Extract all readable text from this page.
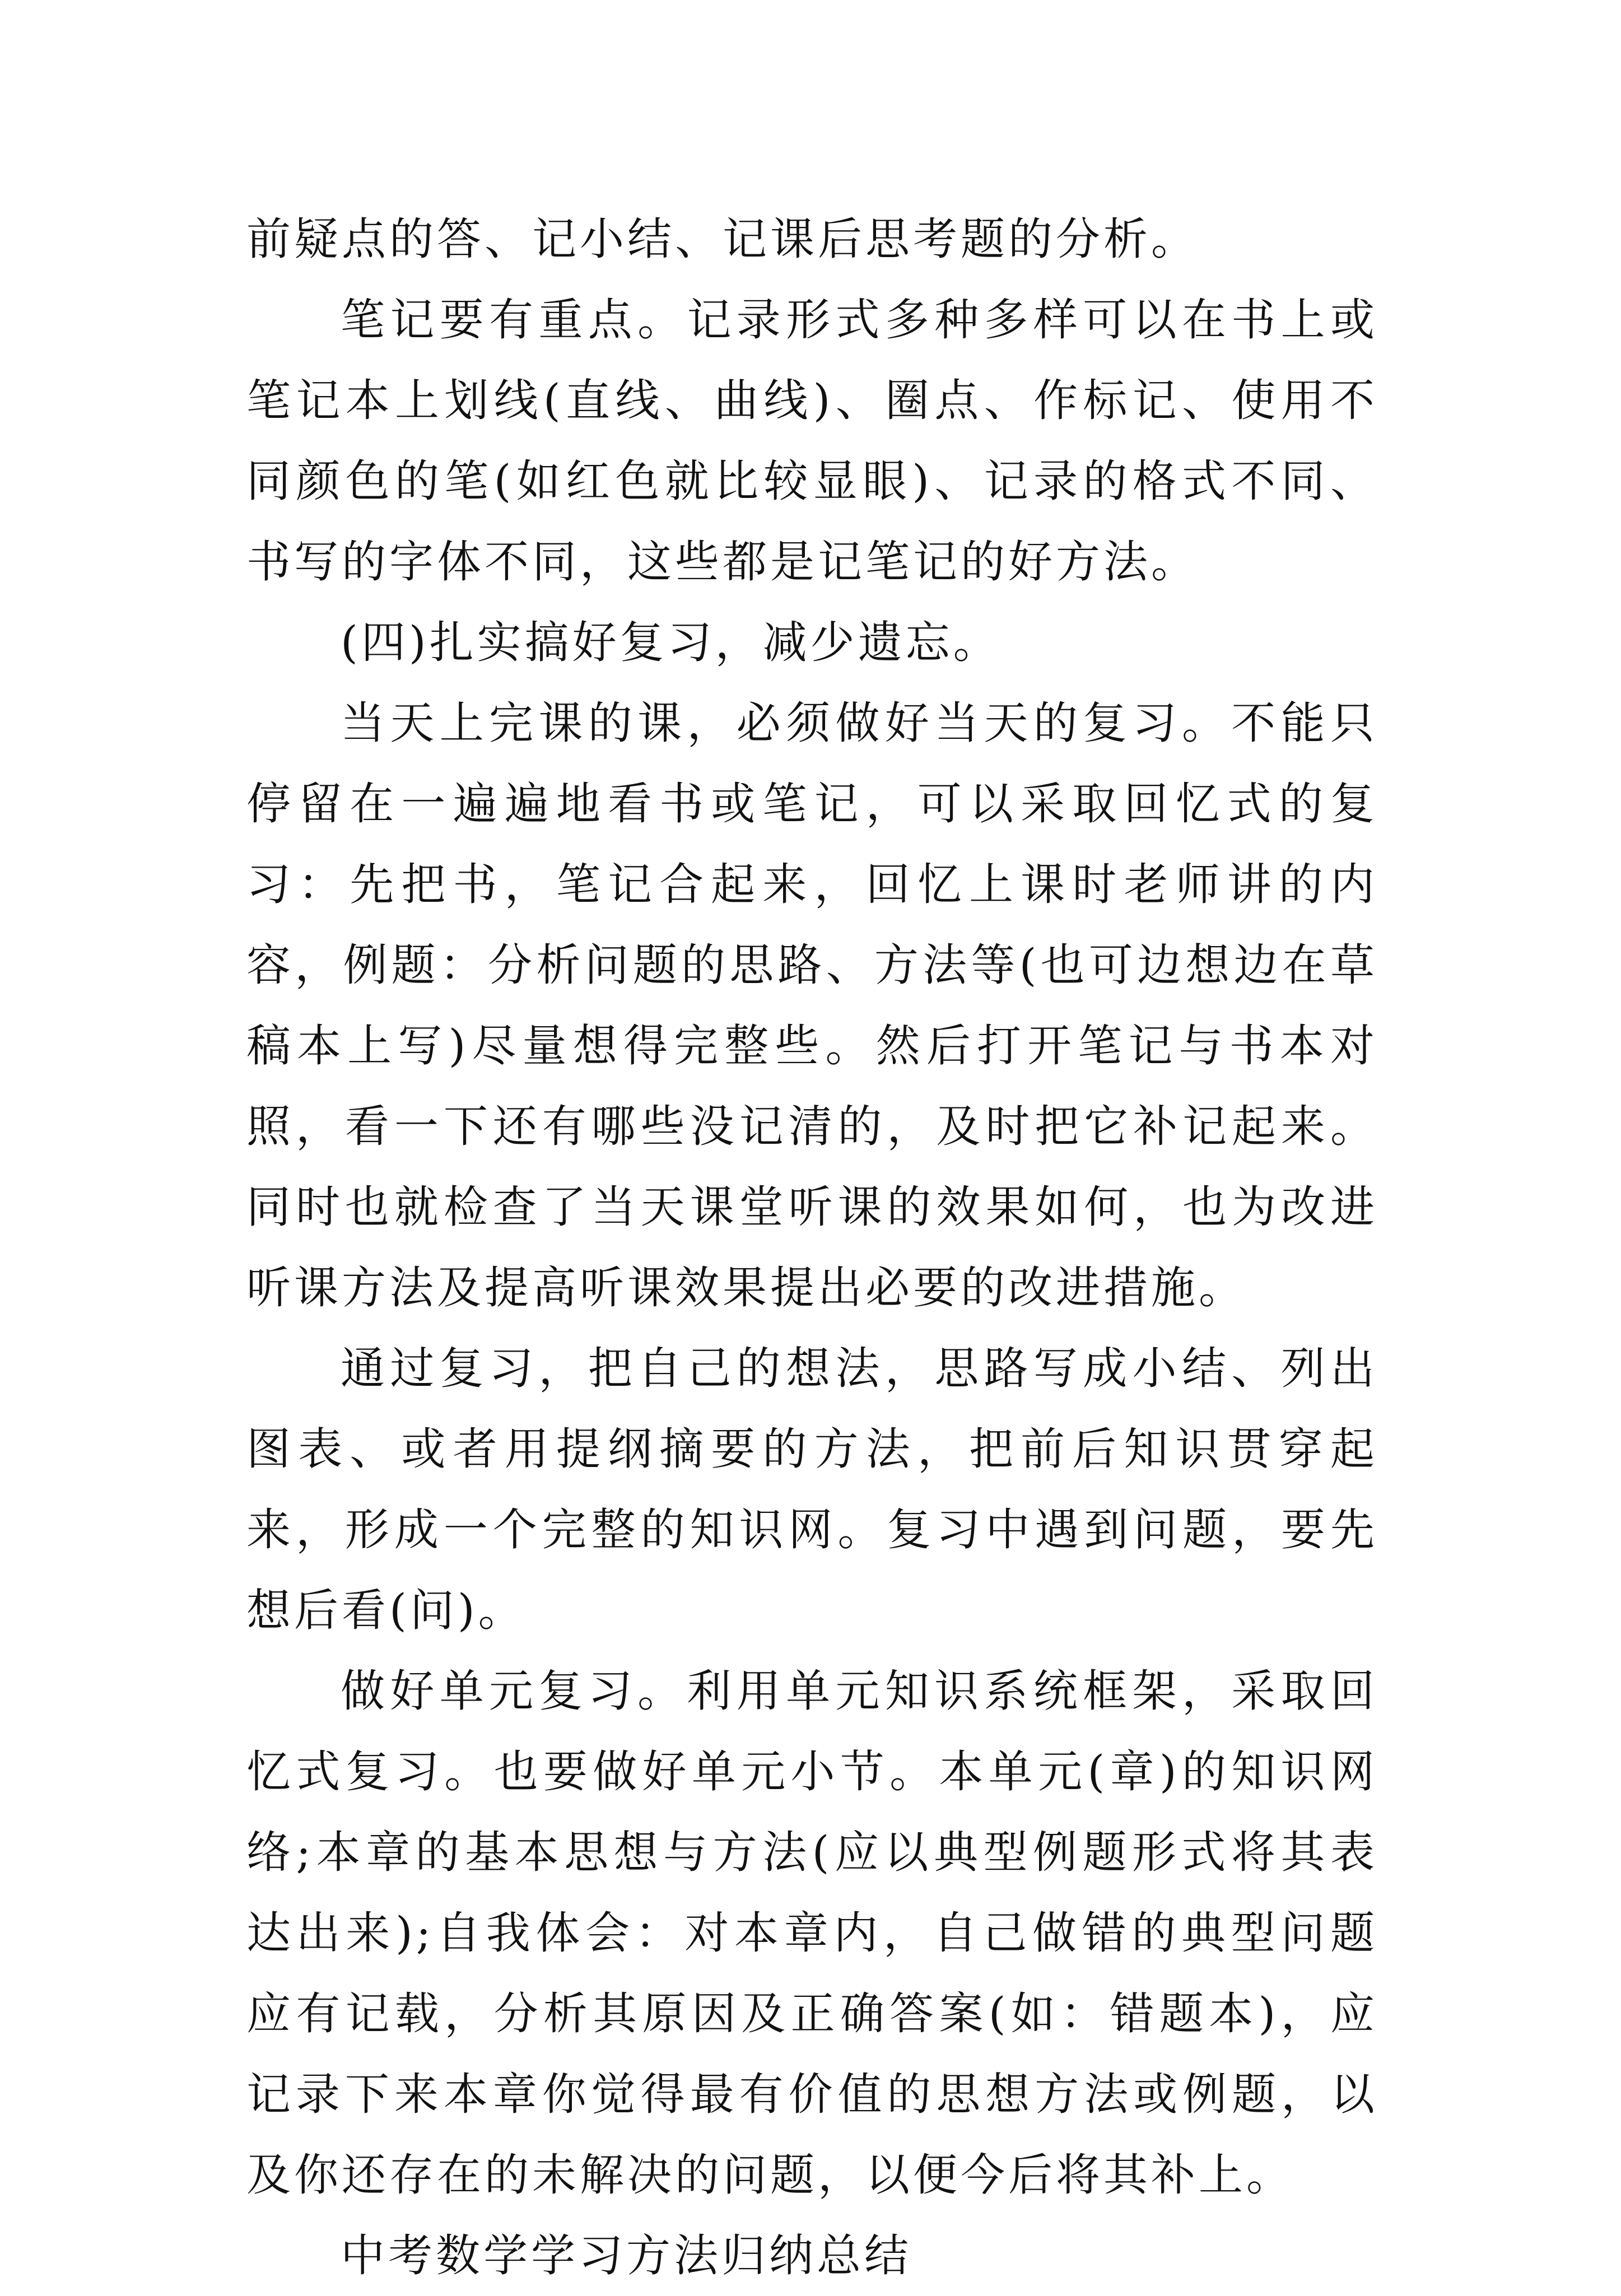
前疑点的答、记小结、记课后思考题的分析。

笔记要有重点。记录形式多种多样可以在书上或笔记本上划线(直线、曲线)、圈点、作标记、使用不同颜色的笔(如红色就比较显眼)、记录的格式不同、书写的字体不同，这些都是记笔记的好方法。

(四)扎实搞好复习，减少遗忘。

当天上完课的课，必须做好当天的复习。不能只停留在一遍遍地看书或笔记，可以采取回忆式的复习：先把书，笔记合起来，回忆上课时老师讲的内容，例题：分析问题的思路、方法等(也可边想边在草稿本上写)尽量想得完整些。然后打开笔记与书本对照，看一下还有哪些没记清的，及时把它补记起来。同时也就检查了当天课堂听课的效果如何，也为改进听课方法及提高听课效果提出必要的改进措施。

通过复习，把自己的想法，思路写成小结、列出图表、或者用提纲摘要的方法，把前后知识贯穿起来，形成一个完整的知识网。复习中遇到问题，要先想后看(问)。

做好单元复习。利用单元知识系统框架，采取回忆式复习。也要做好单元小节。本单元(章)的知识网络;本章的基本思想与方法(应以典型例题形式将其表达出来);自我体会：对本章内，自己做错的典型问题应有记载，分析其原因及正确答案(如：错题本)，应记录下来本章你觉得最有价值的思想方法或例题，以及你还存在的未解决的问题，以便今后将其补上。

中考数学学习方法归纳总结
